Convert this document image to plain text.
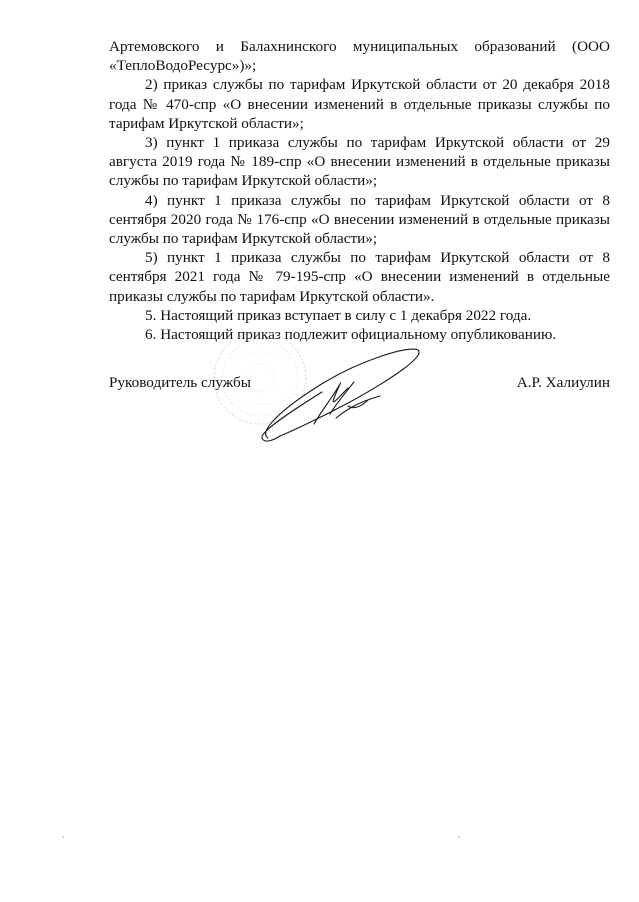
Артемовского и Балахнинского муниципальных образований (ООО «ТеплоВодоРесурс»)»;

2) приказ службы по тарифам Иркутской области от 20 декабря 2018 года № 470-спр «О внесении изменений в отдельные приказы службы по тарифам Иркутской области»;

3) пункт 1 приказа службы по тарифам Иркутской области от 29 августа 2019 года № 189-спр «О внесении изменений в отдельные приказы службы по тарифам Иркутской области»;

4) пункт 1 приказа службы по тарифам Иркутской области от 8 сентября 2020 года № 176-спр «О внесении изменений в отдельные приказы службы по тарифам Иркутской области»;

5) пункт 1 приказа службы по тарифам Иркутской области от 8 сентября 2021 года № 79-195-спр «О внесении изменений в отдельные приказы службы по тарифам Иркутской области».

5. Настоящий приказ вступает в силу с 1 декабря 2022 года.

6. Настоящий приказ подлежит официальному опубликованию.

Руководитель службы	А.Р. Халиулин
